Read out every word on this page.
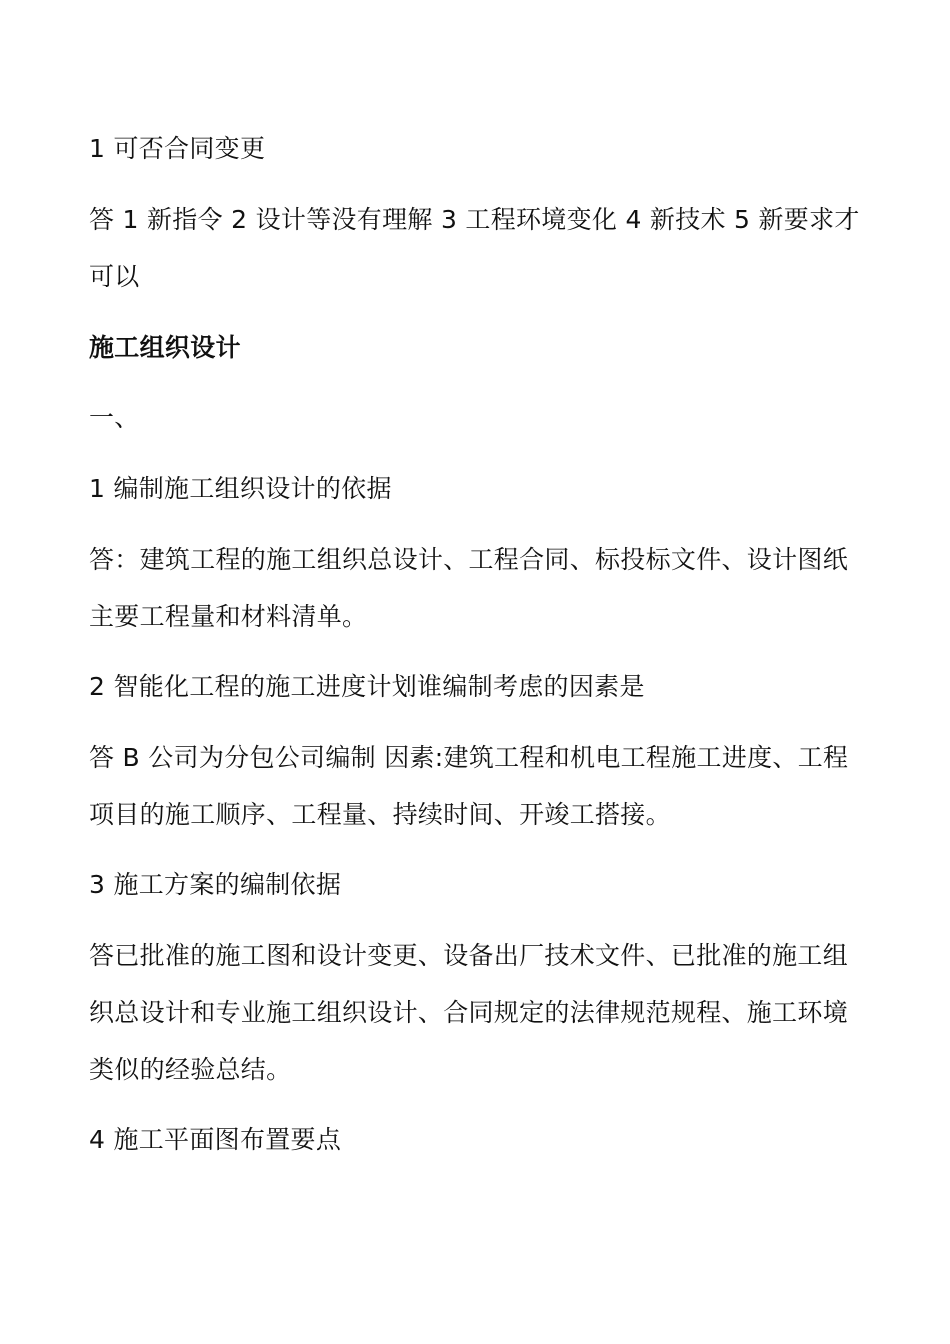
1 可否合同变更
答 1 新指令 2 设计等没有理解 3 工程环境变化 4 新技术 5 新要求才
可以
施工组织设计
一、
1 编制施工组织设计的依据
答：建筑工程的施工组织总设计、工程合同、标投标文件、设计图纸
主要工程量和材料清单。
2 智能化工程的施工进度计划谁编制考虑的因素是
答 B 公司为分包公司编制 因素:建筑工程和机电工程施工进度、工程
项目的施工顺序、工程量、持续时间、开竣工搭接。
3 施工方案的编制依据
答已批准的施工图和设计变更、设备出厂技术文件、已批准的施工组
织总设计和专业施工组织设计、合同规定的法律规范规程、施工环境
类似的经验总结。
4 施工平面图布置要点
